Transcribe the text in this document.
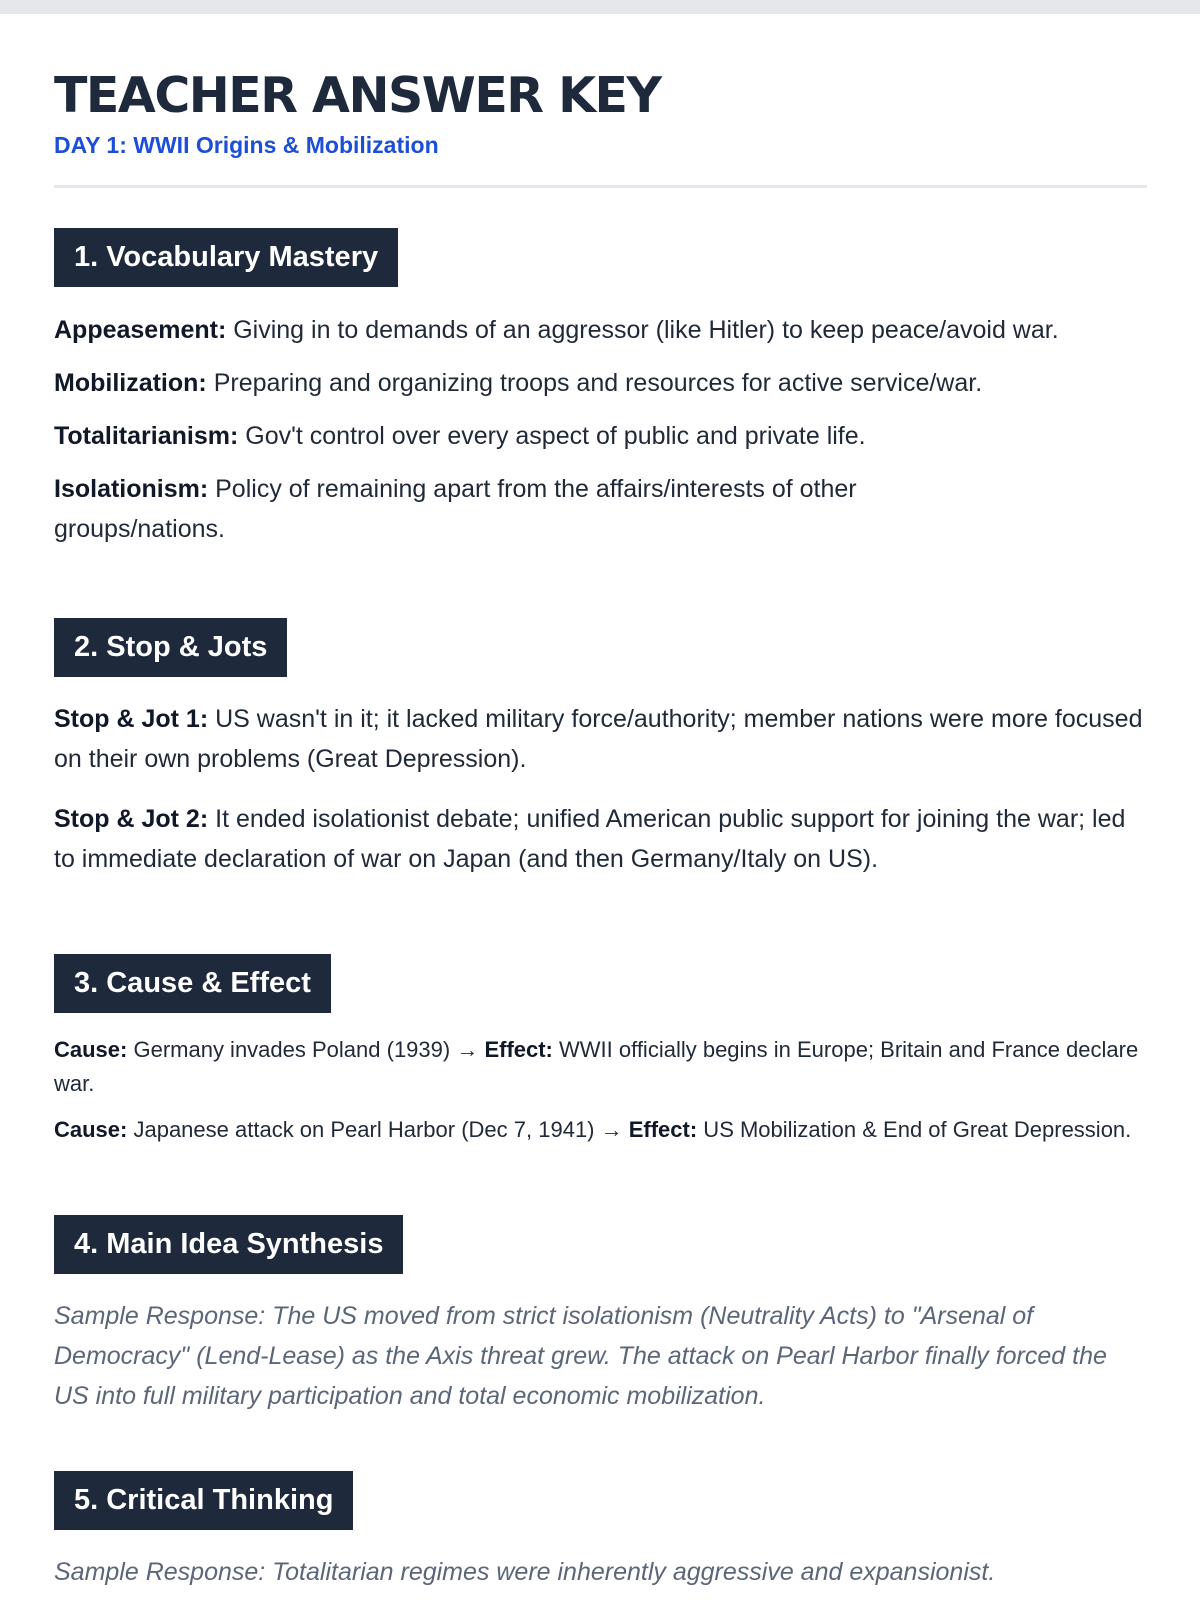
TEACHER ANSWER KEY
DAY 1: WWII Origins & Mobilization
1. Vocabulary Mastery

Appeasement: Giving in to demands of an aggressor (like Hitler) to keep peace/avoid war.

Mobilization: Preparing and organizing troops and resources for active service/war.

Totalitarianism: Gov't control over every aspect of public and private life.

Isolationism: Policy of remaining apart from the affairs/interests of other groups/nations.

2. Stop & Jots

Stop & Jot 1: US wasn't in it; it lacked military force/authority; member nations were more focused on their own problems (Great Depression).

Stop & Jot 2: It ended isolationist debate; unified American public support for joining the war; led to immediate declaration of war on Japan (and then Germany/Italy on US).

3. Cause & Effect

Cause: Germany invades Poland (1939) → Effect: WWII officially begins in Europe; Britain and France declare war.

Cause: Japanese attack on Pearl Harbor (Dec 7, 1941) → Effect: US Mobilization & End of Great Depression.

4. Main Idea Synthesis

Sample Response: The US moved from strict isolationism (Neutrality Acts) to "Arsenal of Democracy" (Lend-Lease) as the Axis threat grew. The attack on Pearl Harbor finally forced the US into full military participation and total economic mobilization.

5. Critical Thinking

Sample Response: Totalitarian regimes were inherently aggressive and expansionist.
